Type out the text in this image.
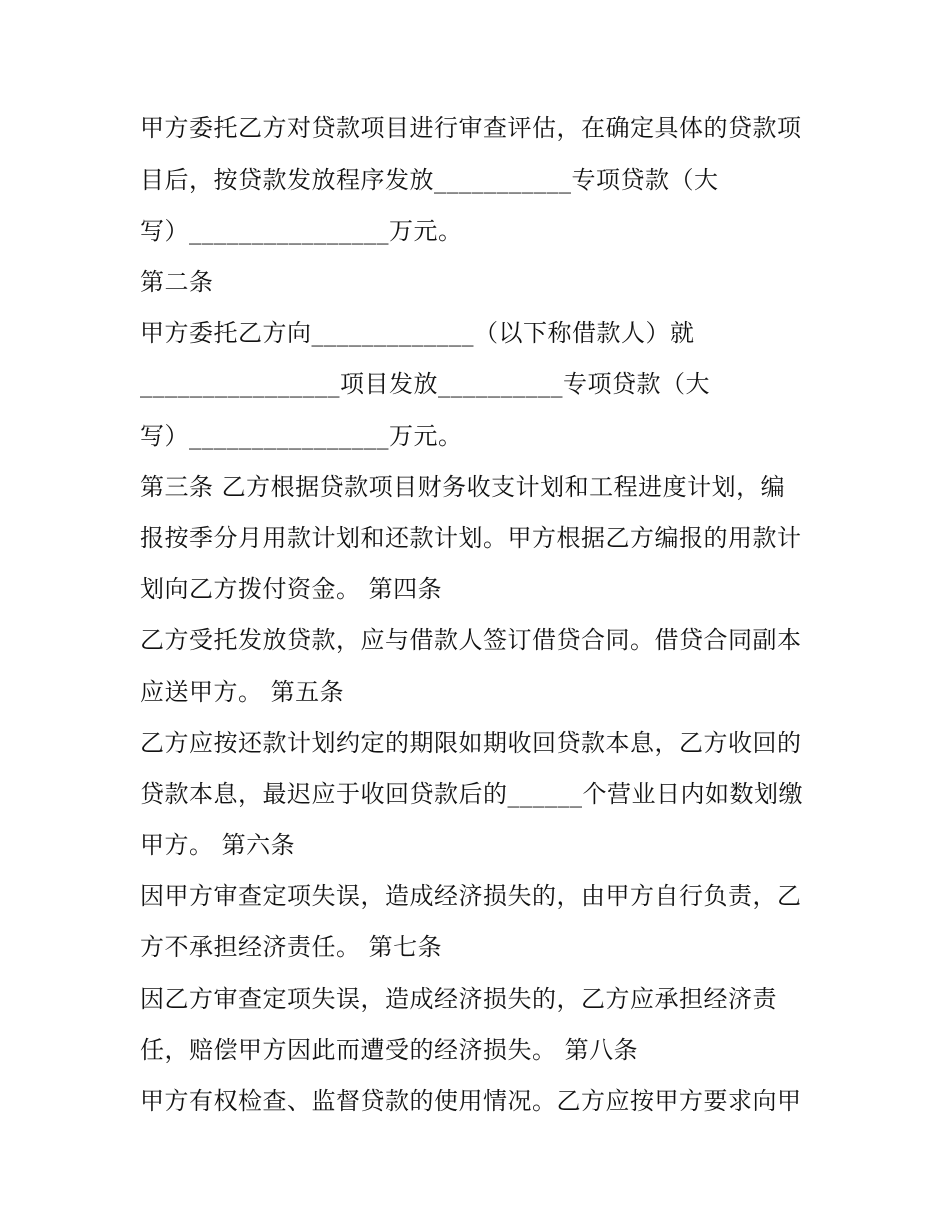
甲方委托乙方对贷款项目进行审查评估，在确定具体的贷款项
目后，按贷款发放程序发放___________专项贷款（大
写）________________万元。
第二条
甲方委托乙方向_____________（以下称借款人）就
________________项目发放__________专项贷款（大
写）________________万元。
第三条 乙方根据贷款项目财务收支计划和工程进度计划，编
报按季分月用款计划和还款计划。甲方根据乙方编报的用款计
划向乙方拨付资金。 第四条
乙方受托发放贷款，应与借款人签订借贷合同。借贷合同副本
应送甲方。 第五条
乙方应按还款计划约定的期限如期收回贷款本息，乙方收回的
贷款本息，最迟应于收回贷款后的______个营业日内如数划缴
甲方。 第六条
因甲方审查定项失误，造成经济损失的，由甲方自行负责，乙
方不承担经济责任。 第七条
因乙方审查定项失误，造成经济损失的，乙方应承担经济责
任，赔偿甲方因此而遭受的经济损失。 第八条
甲方有权检查、监督贷款的使用情况。乙方应按甲方要求向甲
